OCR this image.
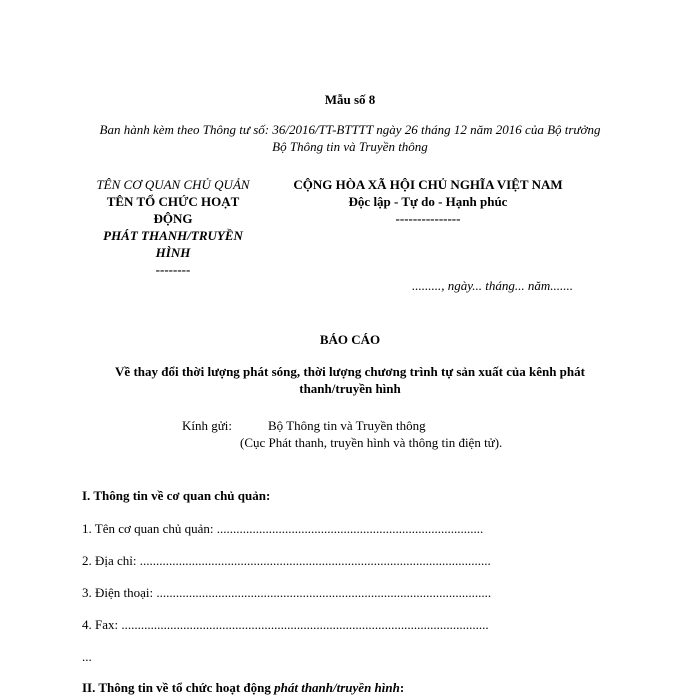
Mẫu số 8
Ban hành kèm theo Thông tư số: 36/2016/TT-BTTTT ngày 26 tháng 12 năm 2016 của Bộ trưởng
Bộ Thông tin và Truyền thông
TÊN CƠ QUAN CHỦ QUẢN
TÊN TỔ CHỨC HOẠT
ĐỘNG
PHÁT THANH/TRUYỀN
HÌNH
--------
CỘNG HÒA XÃ HỘI CHỦ NGHĨA VIỆT NAM
Độc lập - Tự do - Hạnh phúc
---------------
........., ngày... tháng... năm.......
BÁO CÁO
Về thay đổi thời lượng phát sóng, thời lượng chương trình tự sản xuất của kênh phát
thanh/truyền hình
Kính gửi:	Bộ Thông tin và Truyền thông
(Cục Phát thanh, truyền hình và thông tin điện tử).
I. Thông tin về cơ quan chủ quản:
1. Tên cơ quan chủ quản: ..................................................................................
2. Địa chỉ: ............................................................................................................
3. Điện thoại: .......................................................................................................
4. Fax: .................................................................................................................
...
II. Thông tin về tổ chức hoạt động phát thanh/truyền hình:
